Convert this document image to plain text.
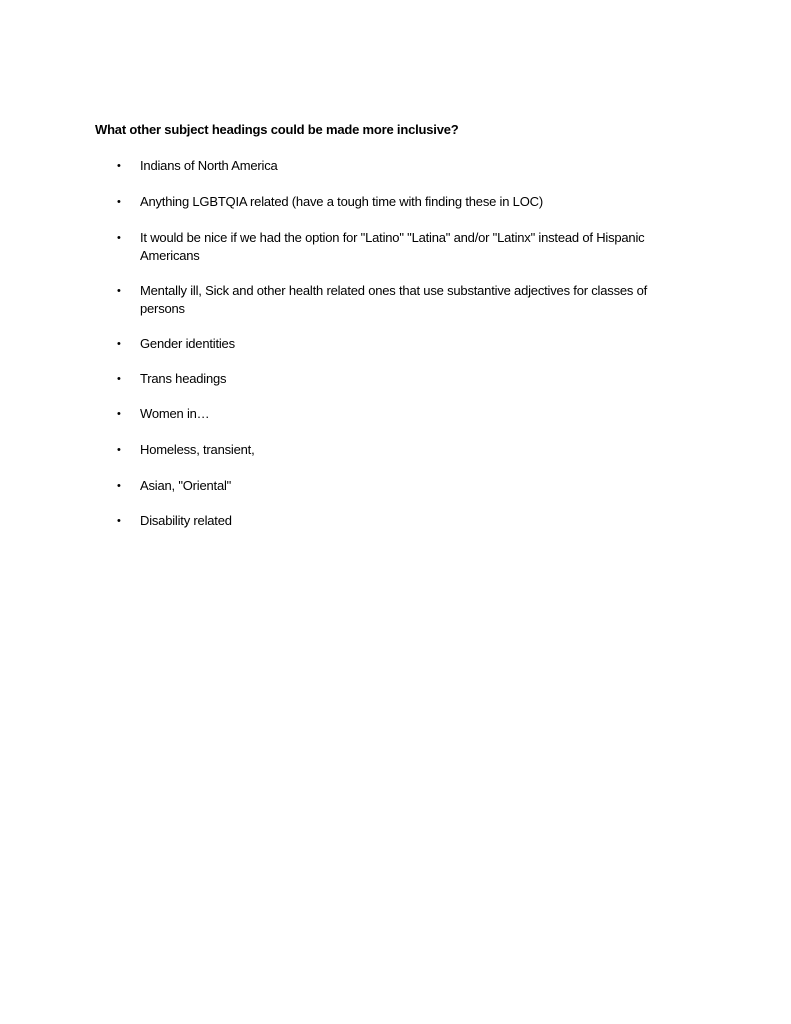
What other subject headings could be made more inclusive?
•	Indians of North America
•	Anything LGBTQIA related (have a tough time with finding these in LOC)
•	It would be nice if we had the option for "Latino" "Latina" and/or "Latinx" instead of Hispanic Americans
•	Mentally ill, Sick and other health related ones that use substantive adjectives for classes of persons
•	Gender identities
•	Trans headings
•	Women in…
•	Homeless, transient,
•	Asian, "Oriental"
•	Disability related
